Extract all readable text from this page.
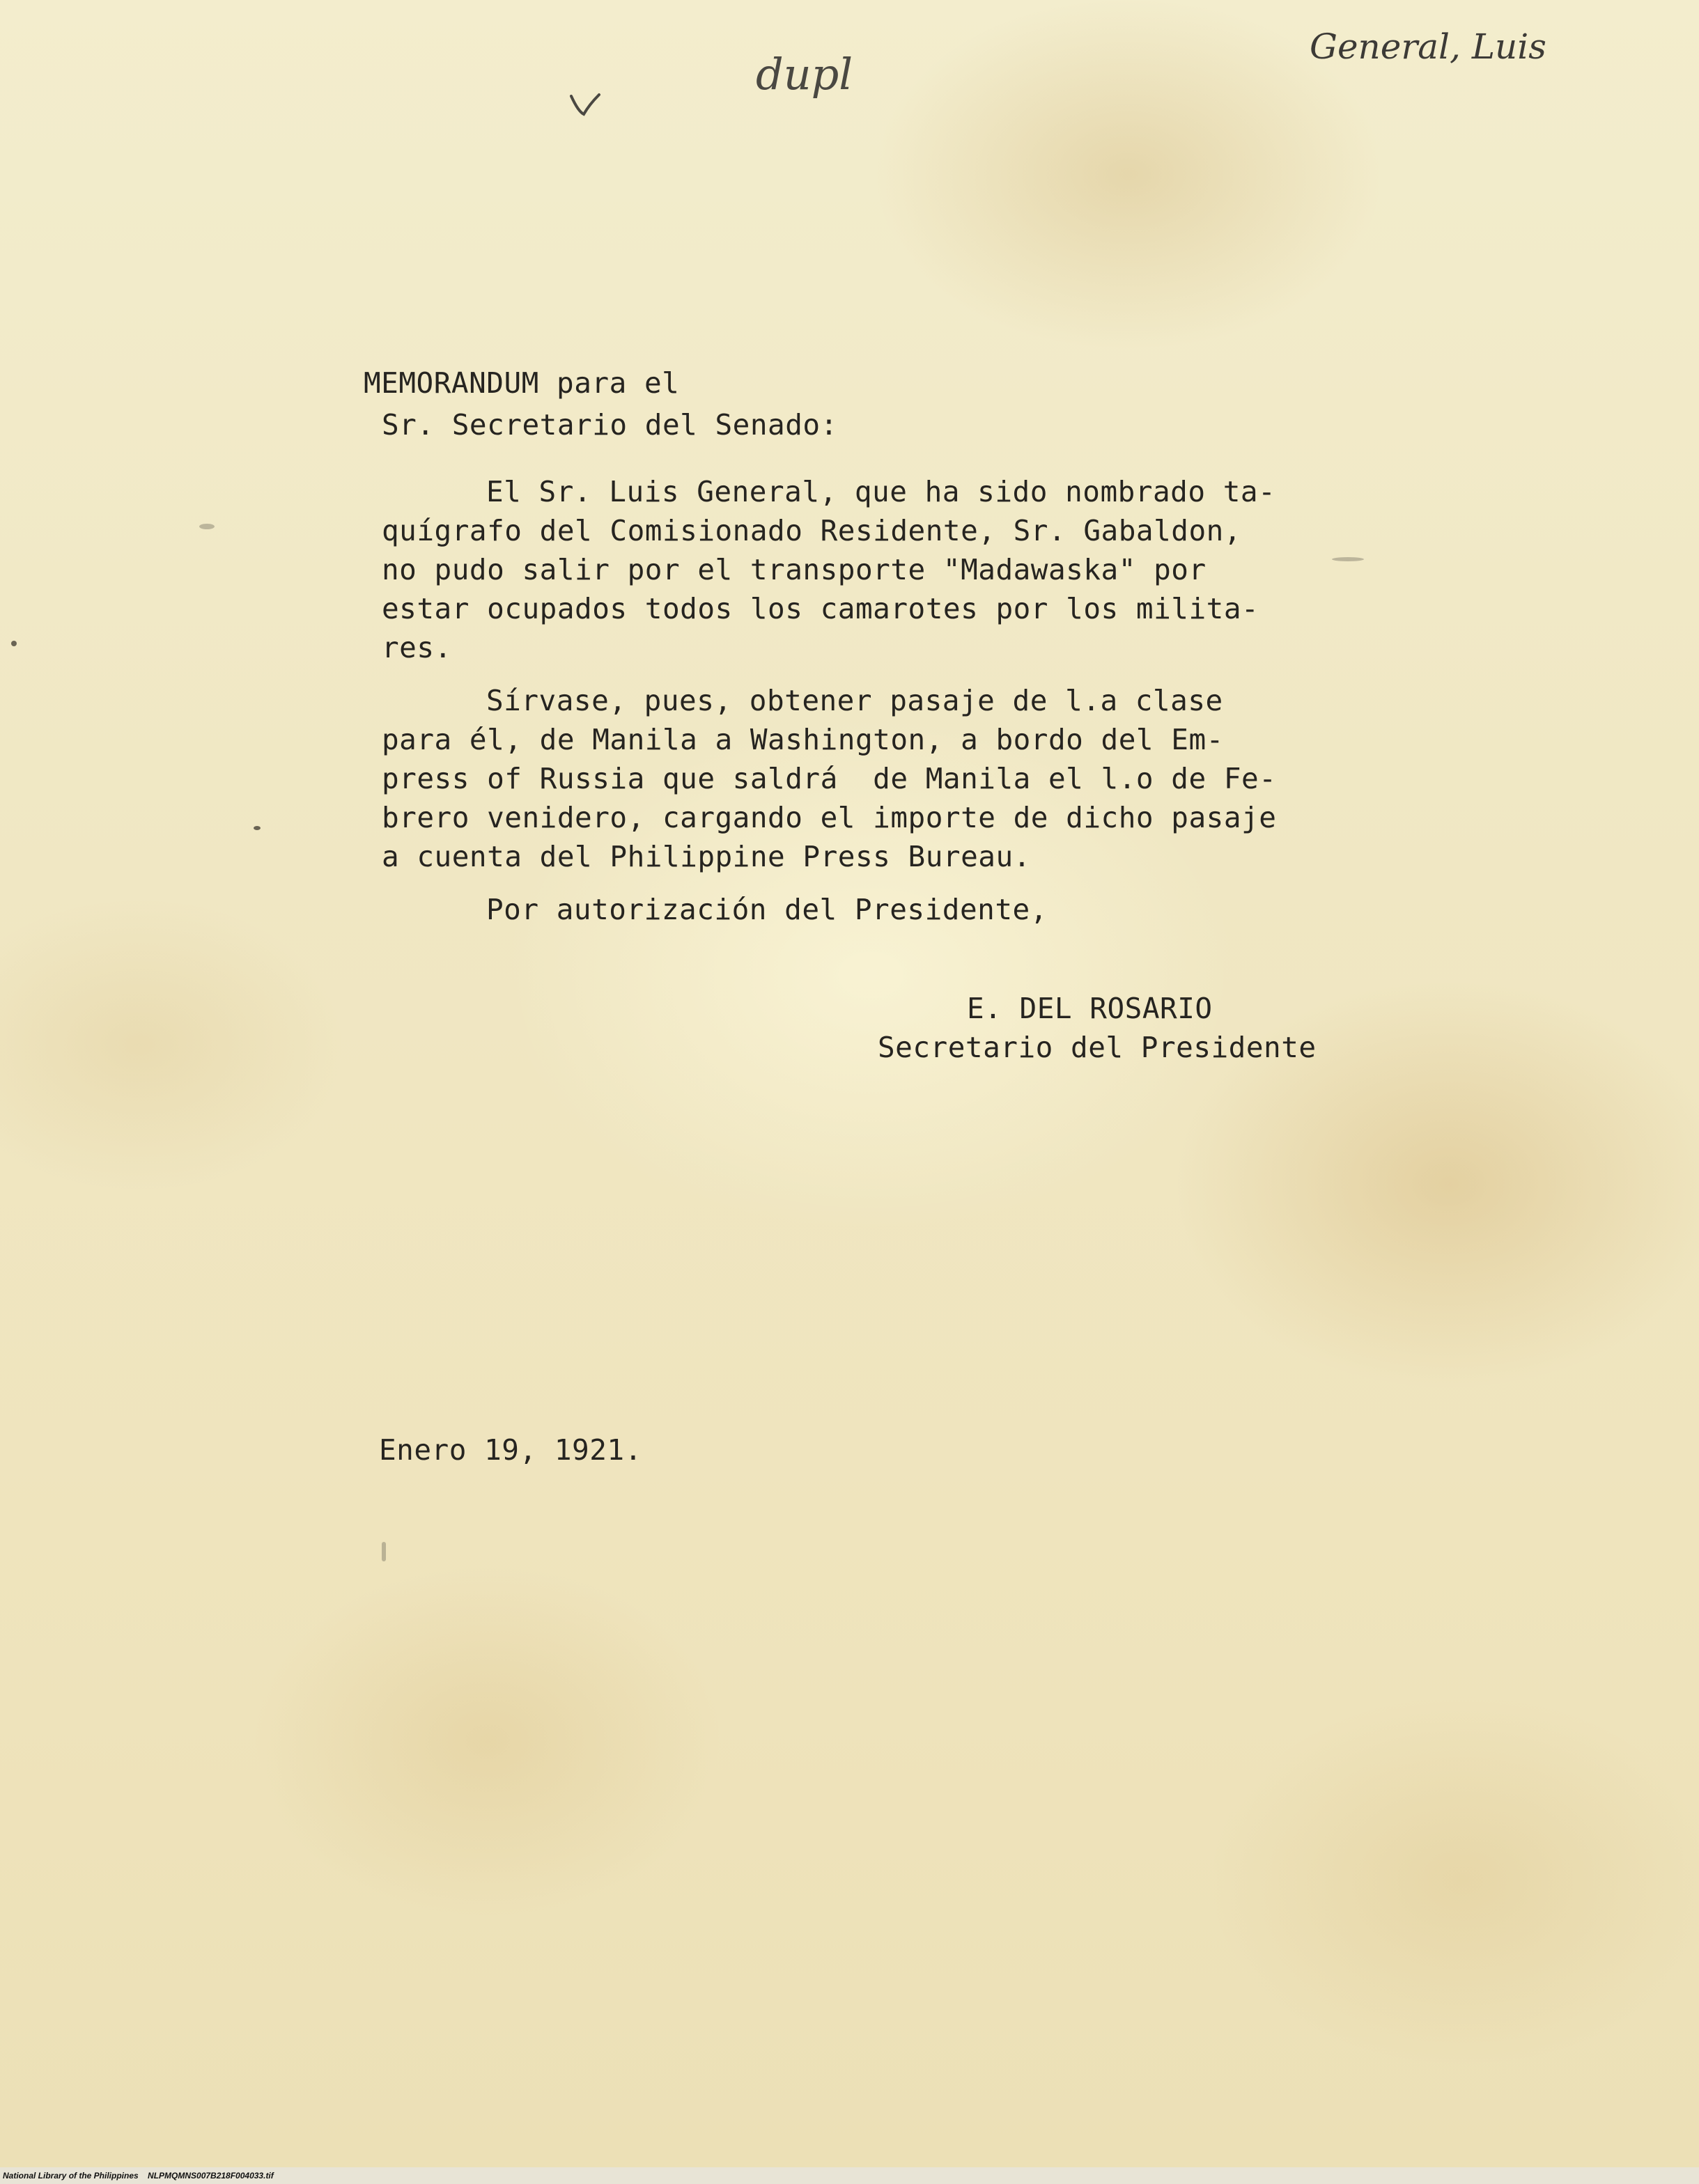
dupl
General, Luis
MEMORANDUM para el
Sr. Secretario del Senado:
El Sr. Luis General, que ha sido nombrado ta-
quígrafo del Comisionado Residente, Sr. Gabaldon,
no pudo salir por el transporte "Madawaska" por
estar ocupados todos los camarotes por los milita-
res.
Sírvase, pues, obtener pasaje de l.a clase
para él, de Manila a Washington, a bordo del Em-
press of Russia que saldrá  de Manila el l.o de Fe-
brero venidero, cargando el importe de dicho pasaje
a cuenta del Philippine Press Bureau.
Por autorización del Presidente,
E. DEL ROSARIO
Secretario del Presidente
Enero 19, 1921.
National Library of the Philippines    NLPMQMNS007B218F004033.tif
